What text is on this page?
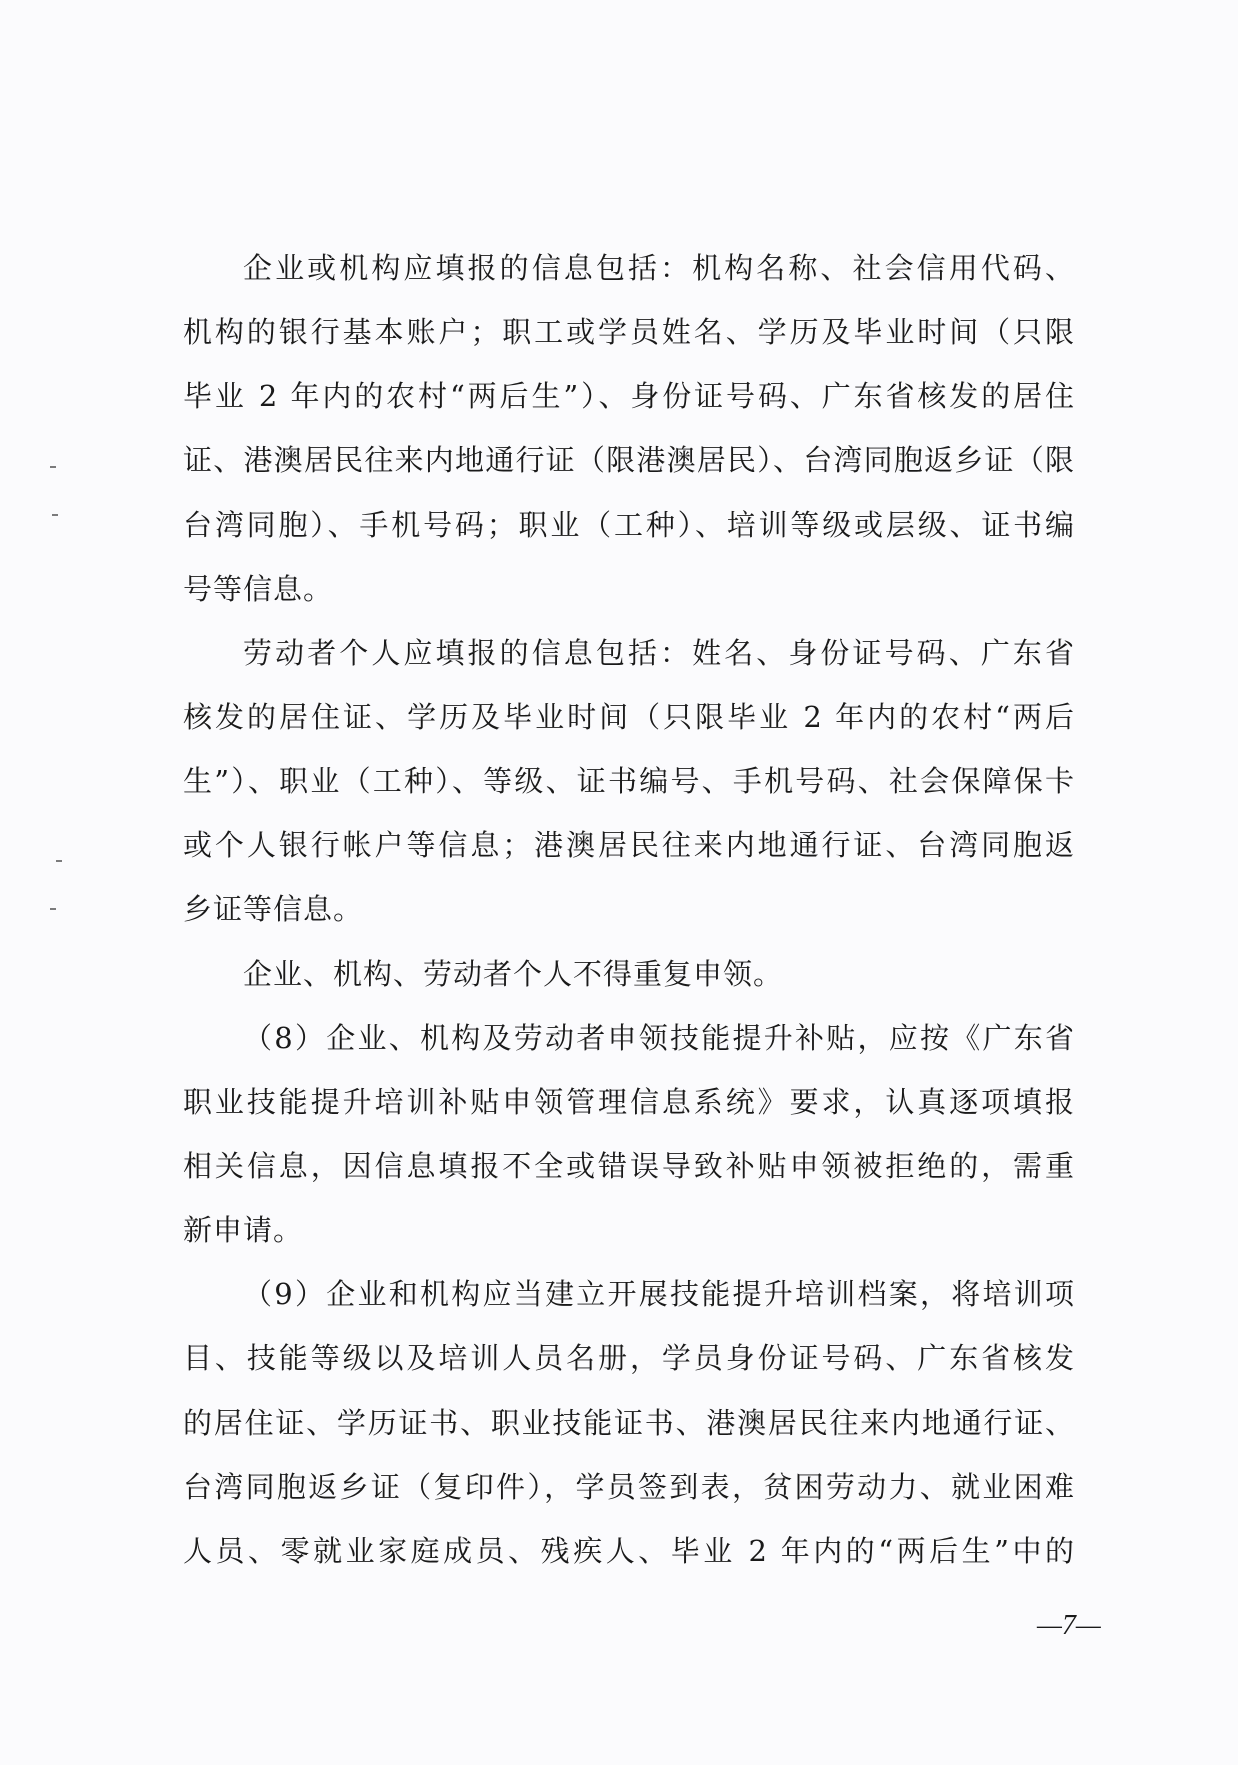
企业或机构应填报的信息包括：机构名称、社会信用代码、
机构的银行基本账户；职工或学员姓名、学历及毕业时间（只限
毕业 2 年内的农村“两后生”）、身份证号码、广东省核发的居住
证、港澳居民往来内地通行证（限港澳居民）、台湾同胞返乡证（限
台湾同胞）、手机号码；职业（工种）、培训等级或层级、证书编
号等信息。
劳动者个人应填报的信息包括：姓名、身份证号码、广东省
核发的居住证、学历及毕业时间（只限毕业 2 年内的农村“两后
生”）、职业（工种）、等级、证书编号、手机号码、社会保障保卡
或个人银行帐户等信息；港澳居民往来内地通行证、台湾同胞返
乡证等信息。
企业、机构、劳动者个人不得重复申领。
（8）企业、机构及劳动者申领技能提升补贴，应按《广东省
职业技能提升培训补贴申领管理信息系统》要求，认真逐项填报
相关信息，因信息填报不全或错误导致补贴申领被拒绝的，需重
新申请。
（9）企业和机构应当建立开展技能提升培训档案，将培训项
目、技能等级以及培训人员名册，学员身份证号码、广东省核发
的居住证、学历证书、职业技能证书、港澳居民往来内地通行证、
台湾同胞返乡证（复印件），学员签到表，贫困劳动力、就业困难
人员、零就业家庭成员、残疾人、毕业 2 年内的“两后生”中的
—7—
